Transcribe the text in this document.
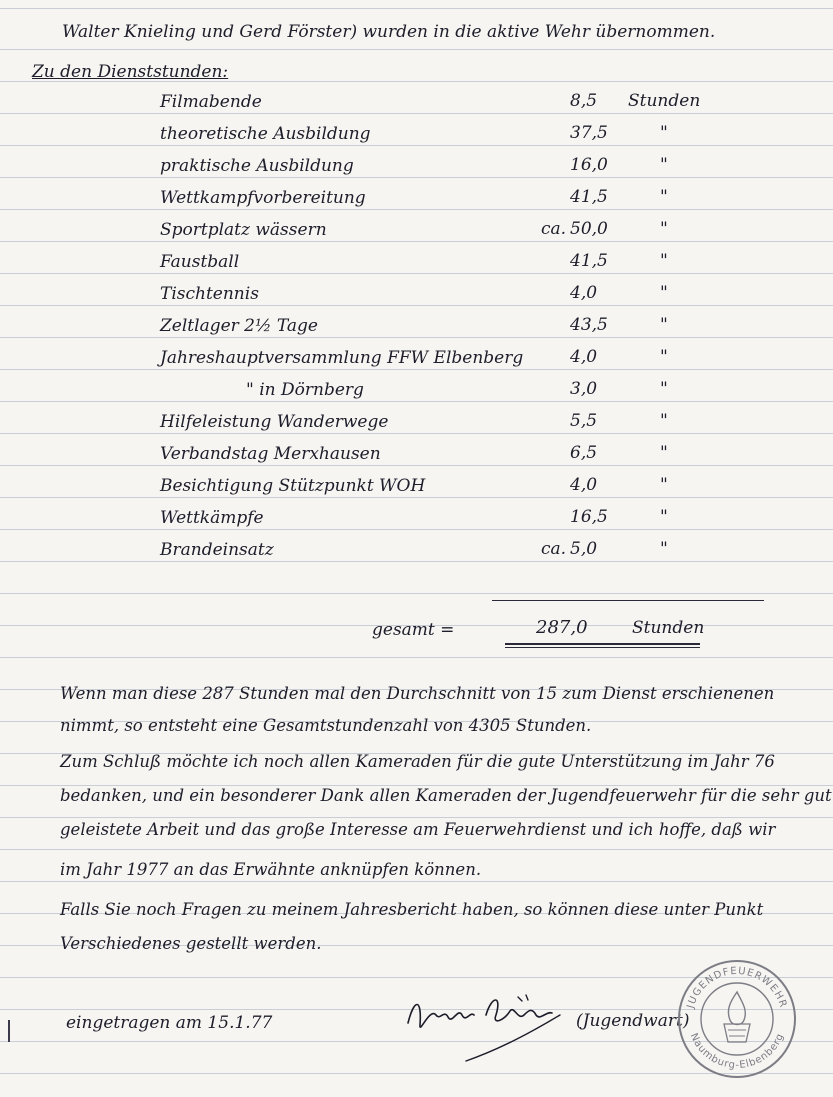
Walter Knieling und Gerd Förster) wurden in die aktive Wehr übernommen.
Zu den Dienststunden:
Filmabende	8,5	Stunden
theoretische Ausbildung	37,5	"
praktische Ausbildung	16,0	"
Wettkampfvorbereitung	41,5	"
Sportplatz wässern	ca. 50,0	"
Faustball	41,5	"
Tischtennis	4,0	"
Zeltlager 2½ Tage	43,5	"
Jahreshauptversammlung FFW Elbenberg	4,0	"
" in Dörnberg	3,0	"
Hilfeleistung Wanderwege	5,5	"
Verbandstag Merxhausen	6,5	"
Besichtigung Stützpunkt WOH	4,0	"
Wettkämpfe	16,5	"
Brandeinsatz	ca. 5,0	"
gesamt =	287,0	Stunden
Wenn man diese 287 Stunden mal den Durchschnitt von 15 zum Dienst erschienenen
nimmt, so entsteht eine Gesamtstundenzahl von 4305 Stunden.
Zum Schluß möchte ich noch allen Kameraden für die gute Unterstützung im Jahr 76
bedanken, und ein besonderer Dank allen Kameraden der Jugendfeuerwehr für die sehr gut
geleistete Arbeit und das große Interesse am Feuerwehrdienst und ich hoffe, daß wir
im Jahr 1977 an das Erwähnte anknüpfen können.
Falls Sie noch Fragen zu meinem Jahresbericht haben, so können diese unter Punkt
Verschiedenes gestellt werden.
eingetragen am 15.1.77	(Jugendwart)
JUGENDFEUERWEHR
Naumburg-Elbenberg
